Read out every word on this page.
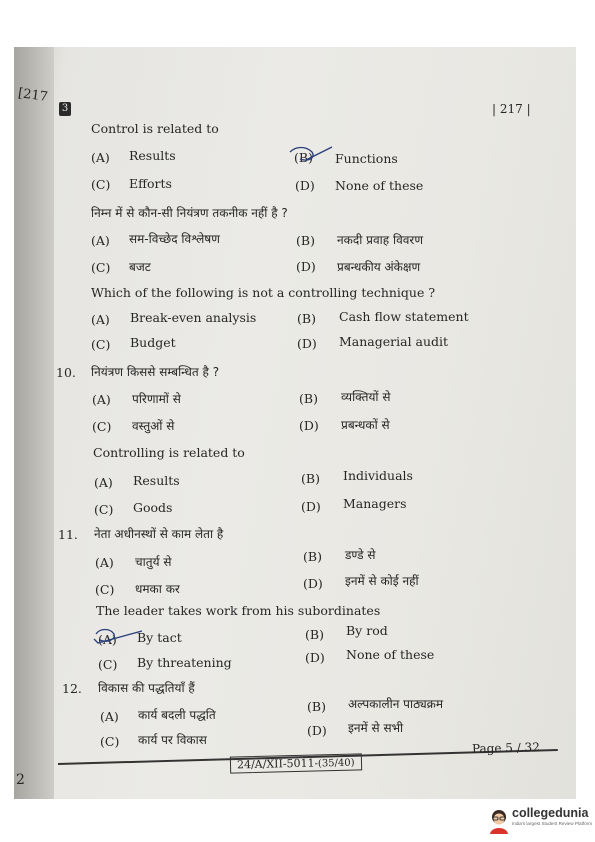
[217
3	| 217 |
Control is related to
(A) Results	(B) Functions
(C) Efforts	(D) None of these
निम्न में से कौन-सी नियंत्रण तकनीक नहीं है ?
(A) सम-विच्छेद विश्लेषण	(B) नकदी प्रवाह विवरण
(C) बजट	(D) प्रबन्धकीय अंकेक्षण
Which of the following is not a controlling technique ?
(A) Break-even analysis	(B) Cash flow statement
(C) Budget	(D) Managerial audit
10. नियंत्रण किससे सम्बन्धित है ?
(A) परिणामों से	(B) व्यक्तियों से
(C) वस्तुओं से	(D) प्रबन्धकों से
Controlling is related to
(A) Results	(B) Individuals
(C) Goods	(D) Managers
11. नेता अधीनस्थों से काम लेता है
(A) चातुर्य से	(B) डण्डे से
(C) धमका कर	(D) इनमें से कोई नहीं
The leader takes work from his subordinates
(A) By tact	(B) By rod
(C) By threatening	(D) None of these
12. विकास की पद्धतियाँ हैं
(A) कार्य बदली पद्धति
(B) अल्पकालीन पाठ्यक्रम
(C) कार्य पर विकास
(D) इनमें से सभी
24/A/XII-5011-(35/40)
Page 5 / 32
2
collegedunia
India's largest Student Review Platform
